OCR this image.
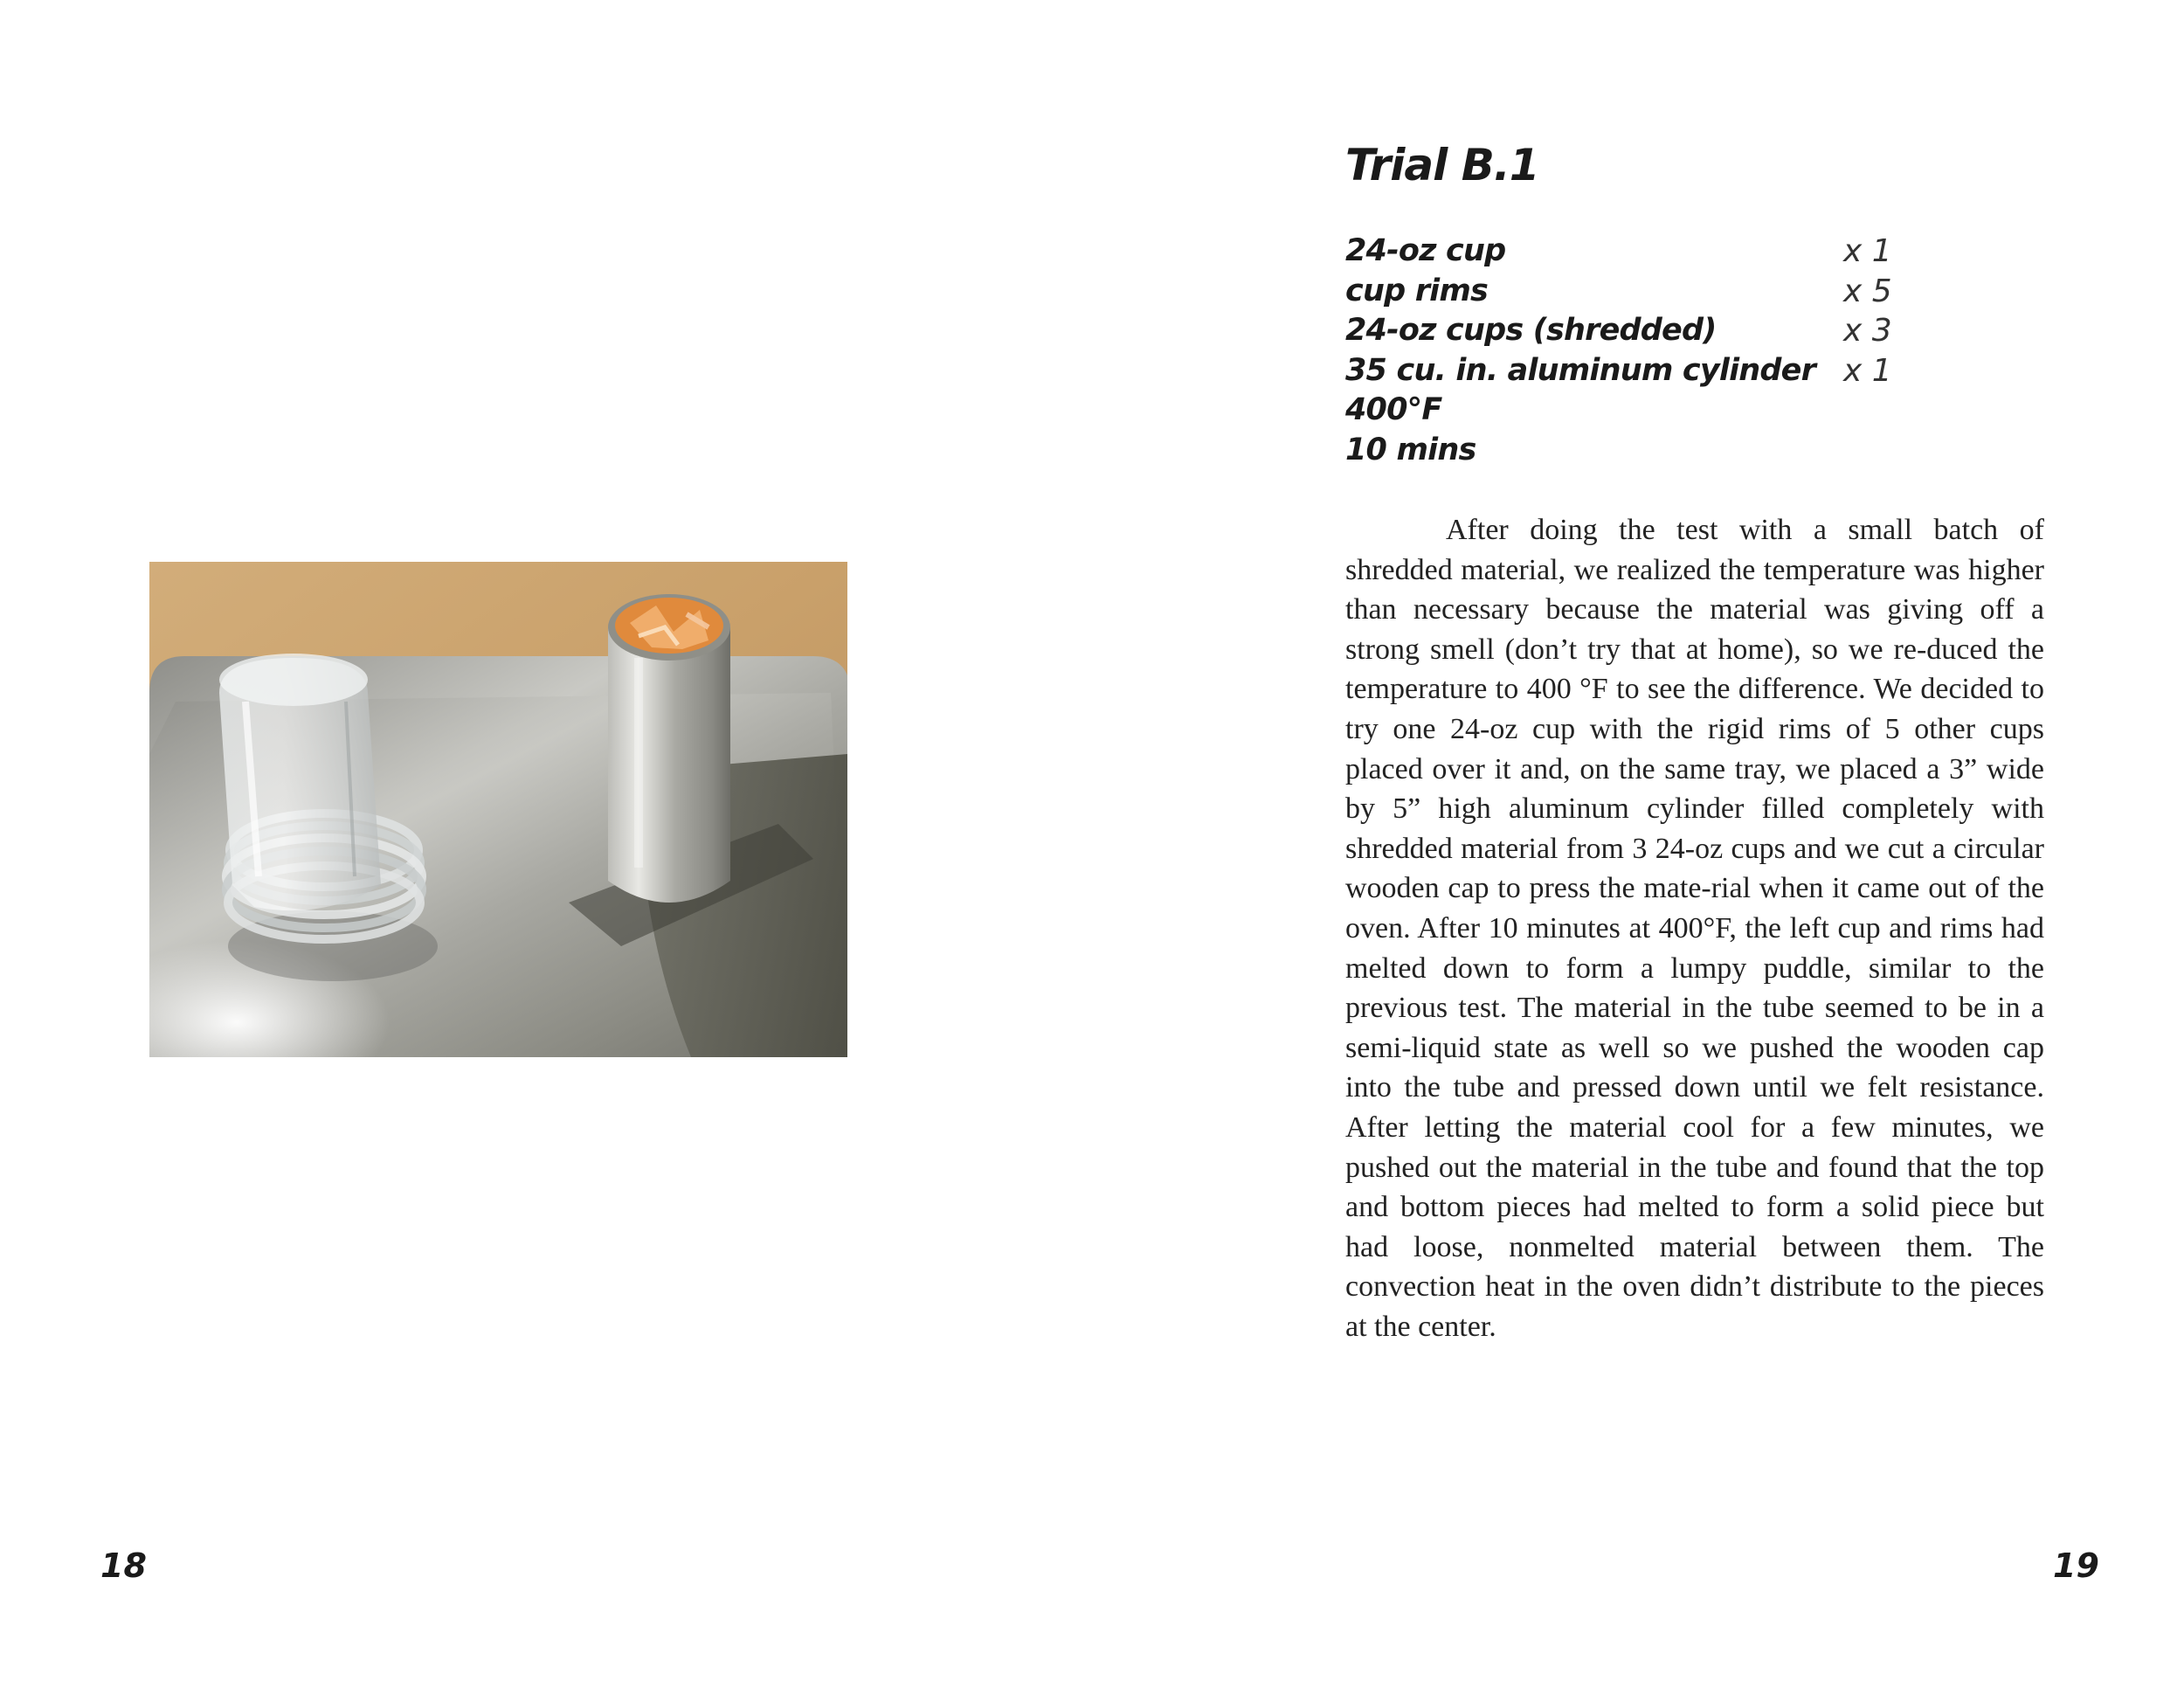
Trial B.1
24-oz cup	x 1
cup rims	x 5
24-oz cups (shredded)	x 3
35 cu. in. aluminum cylinder x 1
400°F
10 mins

After doing the test with a small batch of shredded material, we realized the temperature was higher than necessary because the material was giving off a strong smell (don’t try that at home), so we re-duced the temperature to 400 °F to see the difference. We decided to try one 24-oz cup with the rigid rims of 5 other cups placed over it and, on the same tray, we placed a 3” wide by 5” high aluminum cylinder filled completely with shredded material from 3 24-oz cups and we cut a circular wooden cap to press the mate-rial when it came out of the oven. After 10 minutes at 400°F, the left cup and rims had melted down to form a lumpy puddle, similar to the previous test. The material in the tube seemed to be in a semi-liquid state as well so we pushed the wooden cap into the tube and pressed down until we felt resistance. After letting the material cool for a few minutes, we pushed out the material in the tube and found that the top and bottom pieces had melted to form a solid piece but had loose, nonmelted material between them. The convection heat in the oven didn’t distribute to the pieces at the center.

18	19
